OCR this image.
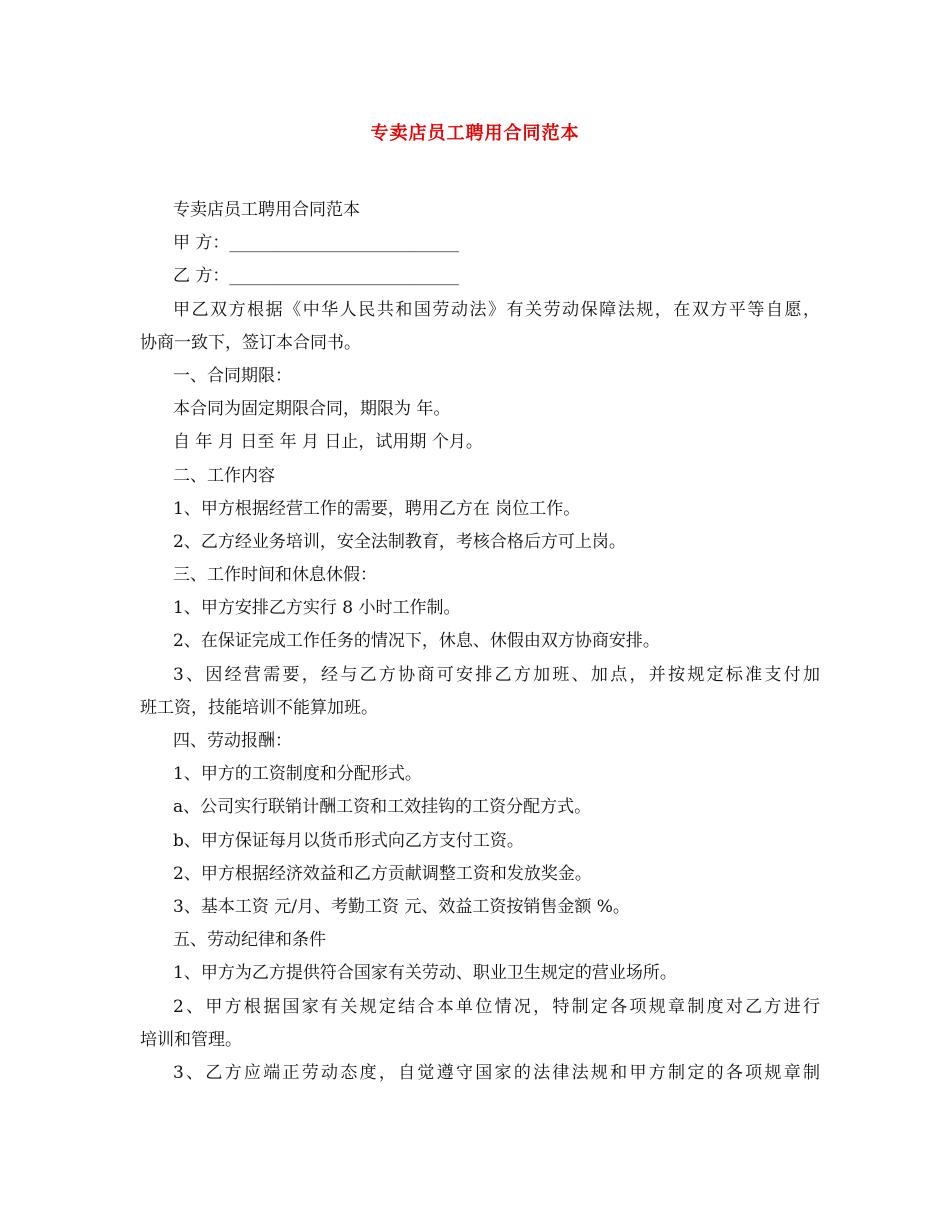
专卖店员工聘用合同范本
专卖店员工聘用合同范本
甲 方：___________________________
乙 方：___________________________
甲乙双方根据《中华人民共和国劳动法》有关劳动保障法规，在双方平等自愿，
协商一致下，签订本合同书。
一、合同期限：
本合同为固定期限合同，期限为 年。
自 年 月 日至 年 月 日止，试用期 个月。
二、工作内容
1、甲方根据经营工作的需要，聘用乙方在 岗位工作。
2、乙方经业务培训，安全法制教育，考核合格后方可上岗。
三、工作时间和休息休假：
1、甲方安排乙方实行 8 小时工作制。
2、在保证完成工作任务的情况下，休息、休假由双方协商安排。
3、因经营需要，经与乙方协商可安排乙方加班、加点，并按规定标准支付加
班工资，技能培训不能算加班。
四、劳动报酬：
1、甲方的工资制度和分配形式。
a、公司实行联销计酬工资和工效挂钩的工资分配方式。
b、甲方保证每月以货币形式向乙方支付工资。
2、甲方根据经济效益和乙方贡献调整工资和发放奖金。
3、基本工资 元/月、考勤工资 元、效益工资按销售金额 %。
五、劳动纪律和条件
1、甲方为乙方提供符合国家有关劳动、职业卫生规定的营业场所。
2、甲方根据国家有关规定结合本单位情况，特制定各项规章制度对乙方进行
培训和管理。
3、乙方应端正劳动态度，自觉遵守国家的法律法规和甲方制定的各项规章制
